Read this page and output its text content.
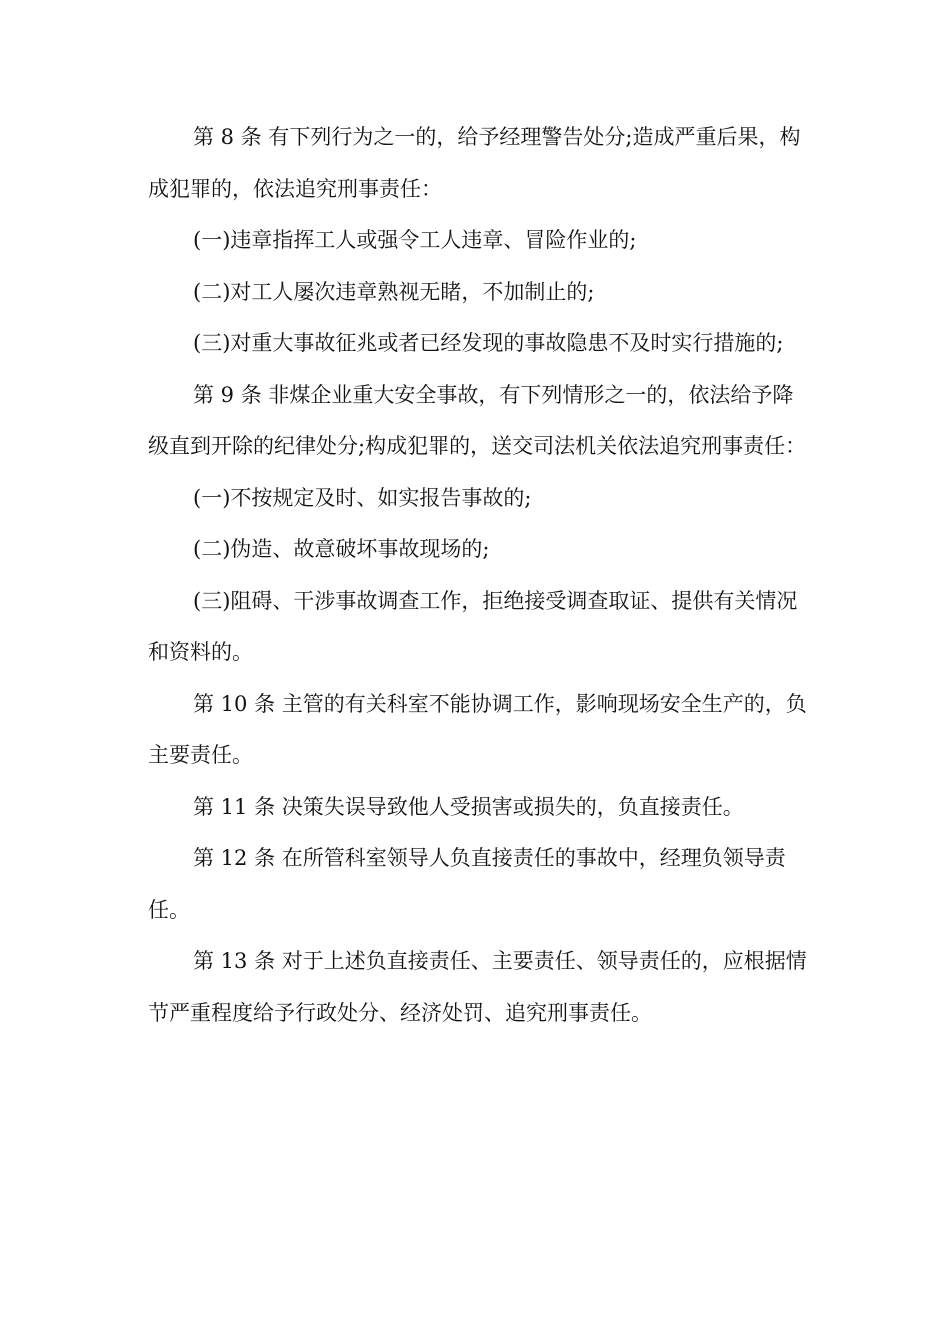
第 8 条 有下列行为之一的，给予经理警告处分;造成严重后果，构成犯罪的，依法追究刑事责任：

(一)违章指挥工人或强令工人违章、冒险作业的;

(二)对工人屡次违章熟视无睹，不加制止的;

(三)对重大事故征兆或者已经发现的事故隐患不及时实行措施的;

第 9 条 非煤企业重大安全事故，有下列情形之一的，依法给予降级直到开除的纪律处分;构成犯罪的，送交司法机关依法追究刑事责任：

(一)不按规定及时、如实报告事故的;

(二)伪造、故意破坏事故现场的;

(三)阻碍、干涉事故调查工作，拒绝接受调查取证、提供有关情况和资料的。

第 10 条 主管的有关科室不能协调工作，影响现场安全生产的，负主要责任。

第 11 条 决策失误导致他人受损害或损失的，负直接责任。

第 12 条 在所管科室领导人负直接责任的事故中，经理负领导责任。

第 13 条 对于上述负直接责任、主要责任、领导责任的，应根据情节严重程度给予行政处分、经济处罚、追究刑事责任。
